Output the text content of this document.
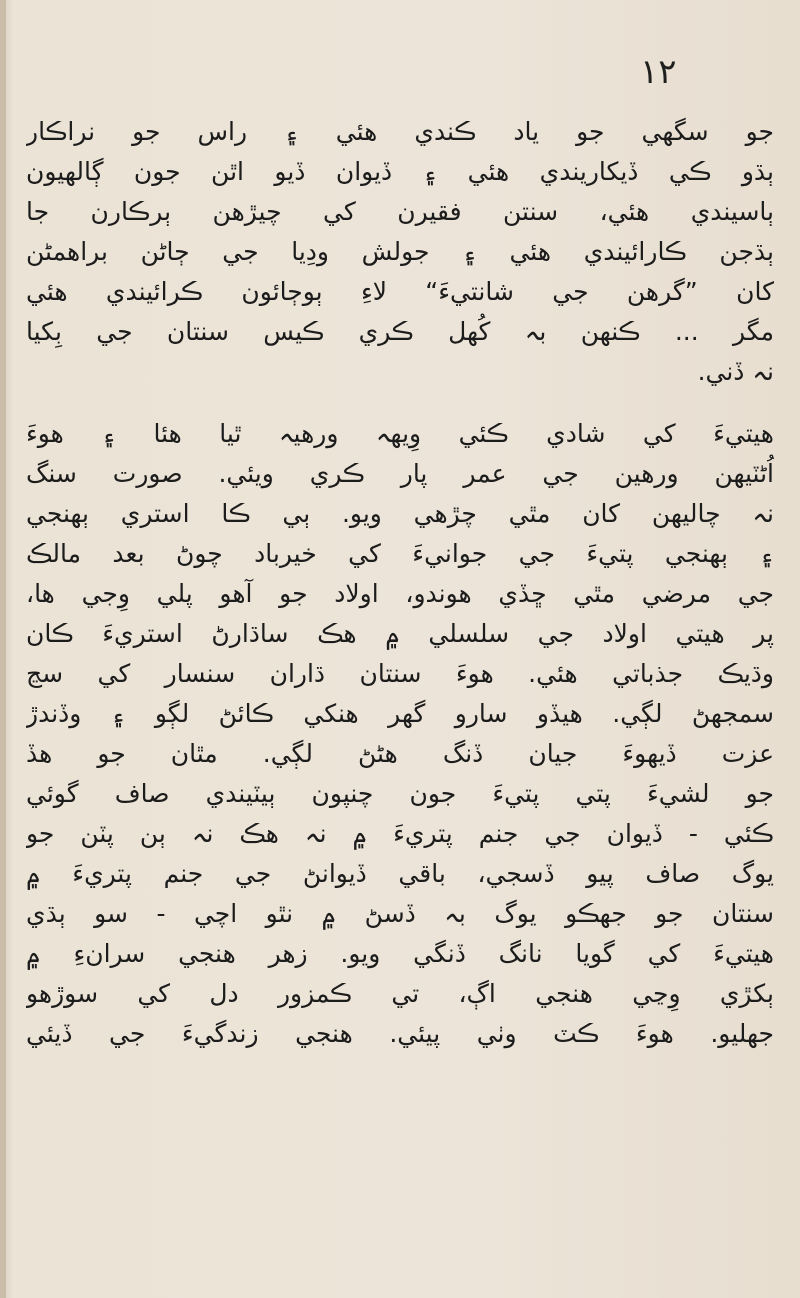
١٢
جو سگهي جو ياد ڪندي هئي ۽ راس جو نراڪار
ٻڌو ڪي ڏيکاريندي هئي ۽ ڏيوان ڏيو اٿن جون ڳالهيون
ٻاسيندي هئي، سنتن فقيرن کي چيڙهن ٻرڪارن جا
ٻڌجن ڪارائيندي هئي ۽ جولش ودِيا جي ڄاڻن براهمڻن
کان ”گرهن جي شانتيءَ“ لاءِ ٻوڄائون ڪرائيندي هئي
مگر ... ڪنهن بہ کُهل ڪري ڪيس سنتان جي بِکيا
نہ ڏني.
هيتيءَ کي شادي ڪئي وِيهہ ورهيہ ٿيا هئا ۽ هوءَ
اُڻٽيهن ورهين جي عمر پار ڪري ويئي. صورت سنگ
نہ چاليهن کان مٿي چڙهي ويو. ٻي ڪا استري ٻهنجي
۽ ٻهنجي پتيءَ جي جوانيءَ کي خيرباد چوڻ بعد مالڪ
جي مرضي مٿي ڇڏي هوندو، اولاد جو آهو پلي وِجي ها،
پر هيتي اولاد جي سلسلي ۾ هڪ ساڌارڻ استريءَ ڪان
وڌيڪ جذباتي هئي. هوءَ سنتان ڌاران سنسار کي سڃ
سمجهڻ لڳي. هيڏو سارو گهر هنکي ڪائڻ لڳو ۽ وڏندڙ
عزت ڏيهوءَ جيان ڏنگ هڻڻ لڳي. مٿان جو هڏ
جو لشيءَ پتي پتيءَ جون چنپون ٻيٽيندي صاف گوئي
ڪئي - ڏيوان جي جنم پتريءَ ۾ نہ هڪ نہ ٻن پٽن جو
يوگ صاف پيو ڏسجي، باقي ڏيوانڻ جي جنم پتريءَ ۾
سنتان جو جهڪو يوگ بہ ڏسڻ ۾ نٿو اچي - سو ٻڌي
هيتيءَ کي گويا نانگ ڏنگي ويو. زهر هنجي سرانءِ ۾
ٻکڙي وِڃي هنجي اڳ، تي ڪمزور دل کي سوڙهو
جهليو. هوءَ ڪٽ وٺي پيئي. هنجي زندگيءَ جي ڏيئي
